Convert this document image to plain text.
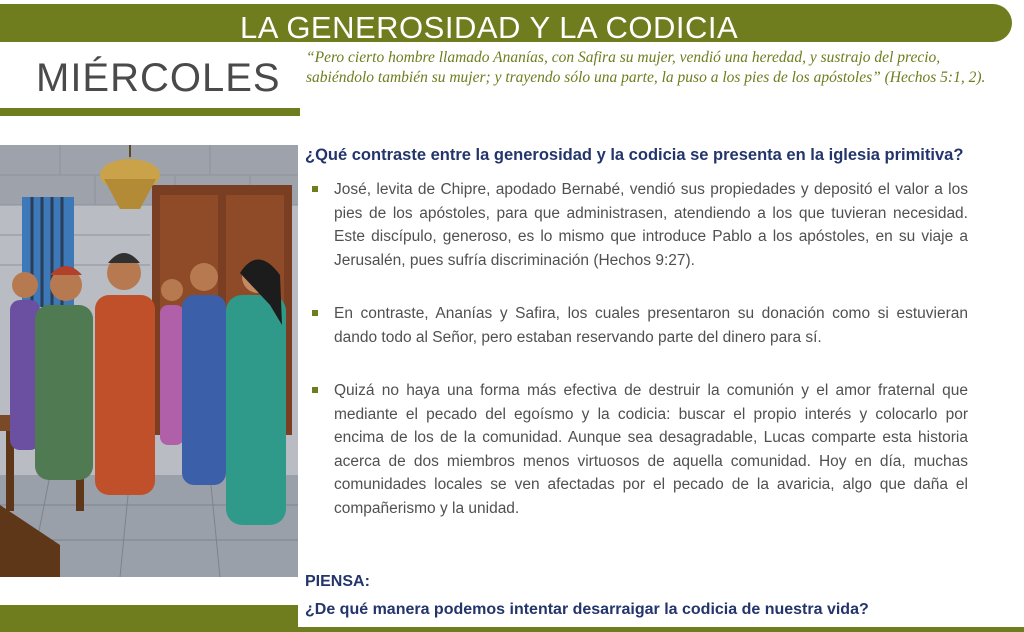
LA GENEROSIDAD Y LA CODICIA
MIÉRCOLES “Pero cierto hombre llamado Ananías, con Safira su mujer, vendió una heredad, y sustrajo del precio, sabiéndolo también su mujer; y trayendo sólo una parte, la puso a los pies de los apóstoles” (Hechos 5:1, 2).
¿Qué contraste entre la generosidad y la codicia se presenta en la iglesia primitiva?
José, levita de Chipre, apodado Bernabé, vendió sus propiedades y depositó el valor a los pies de los apóstoles, para que administrasen, atendiendo a los que tuvieran necesidad. Este discípulo, generoso, es lo mismo que introduce Pablo a los apóstoles, en su viaje a Jerusalén, pues sufría discriminación (Hechos 9:27).
En contraste, Ananías y Safira, los cuales presentaron su donación como si estuvieran dando todo al Señor, pero estaban reservando parte del dinero para sí.
Quizá no haya una forma más efectiva de destruir la comunión y el amor fraternal que mediante el pecado del egoísmo y la codicia: buscar el propio interés y colocarlo por encima de los de la comunidad. Aunque sea desagradable, Lucas comparte esta historia acerca de dos miembros menos virtuosos de aquella comunidad. Hoy en día, muchas comunidades locales se ven afectadas por el pecado de la avaricia, algo que daña el compañerismo y la unidad.
PIENSA:
¿De qué manera podemos intentar desarraigar la codicia de nuestra vida?
